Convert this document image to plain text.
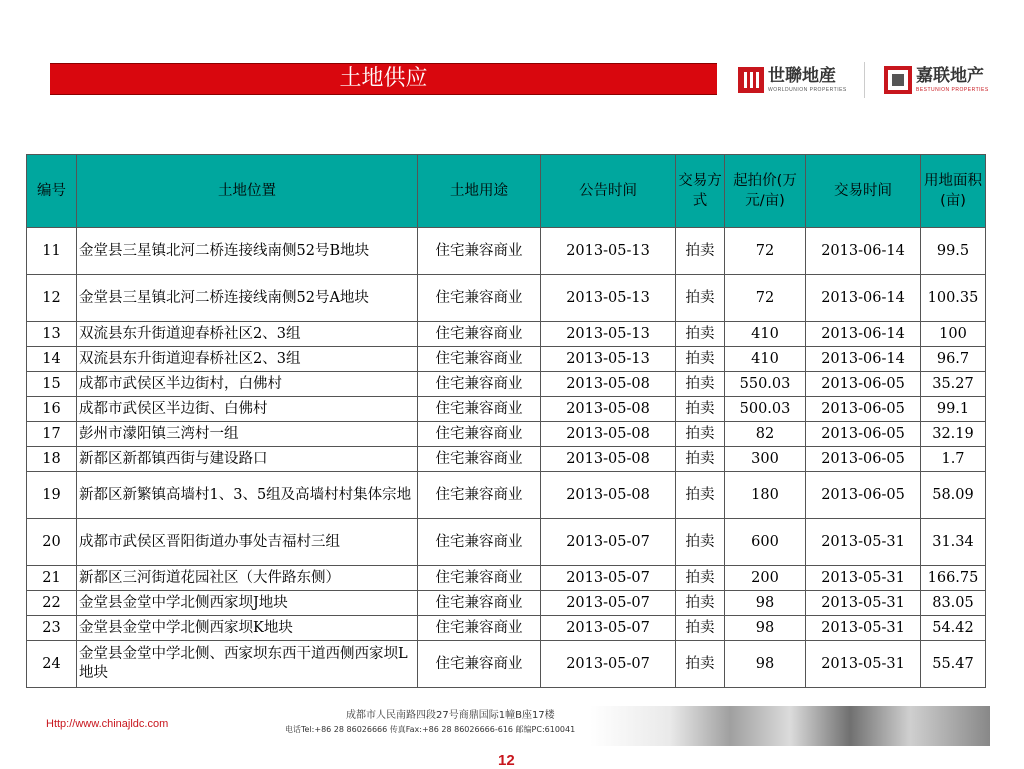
土地供应	世聯地産
WORLDUNION PROPERTIES
嘉联地产
BESTUNION PROPERTIES
编号	土地位置	土地用途	公告时间	交易方式	起拍价(万元/亩)	交易时间	用地面积(亩)
11	金堂县三星镇北河二桥连接线南侧52号B地块	住宅兼容商业	2013-05-13	拍卖	72	2013-06-14	99.5
12	金堂县三星镇北河二桥连接线南侧52号A地块	住宅兼容商业	2013-05-13	拍卖	72	2013-06-14	100.35
13	双流县东升街道迎春桥社区2、3组	住宅兼容商业	2013-05-13	拍卖	410	2013-06-14	100
14	双流县东升街道迎春桥社区2、3组	住宅兼容商业	2013-05-13	拍卖	410	2013-06-14	96.7
15	成都市武侯区半边街村，白佛村	住宅兼容商业	2013-05-08	拍卖	550.03	2013-06-05	35.27
16	成都市武侯区半边街、白佛村	住宅兼容商业	2013-05-08	拍卖	500.03	2013-06-05	99.1
17	彭州市濛阳镇三湾村一组	住宅兼容商业	2013-05-08	拍卖	82	2013-06-05	32.19
18	新都区新都镇西街与建设路口	住宅兼容商业	2013-05-08	拍卖	300	2013-06-05	1.7
19	新都区新繁镇高墙村1、3、5组及高墙村村集体宗地	住宅兼容商业	2013-05-08	拍卖	180	2013-06-05	58.09
20	成都市武侯区晋阳街道办事处吉福村三组	住宅兼容商业	2013-05-07	拍卖	600	2013-05-31	31.34
21	新都区三河街道花园社区（大件路东侧）	住宅兼容商业	2013-05-07	拍卖	200	2013-05-31	166.75
22	金堂县金堂中学北侧西家坝J地块	住宅兼容商业	2013-05-07	拍卖	98	2013-05-31	83.05
23	金堂县金堂中学北侧西家坝K地块	住宅兼容商业	2013-05-07	拍卖	98	2013-05-31	54.42
24	金堂县金堂中学北侧、西家坝东西干道西侧西家坝L地块	住宅兼容商业	2013-05-07	拍卖	98	2013-05-31	55.47
Http://www.chinajldc.com
成都市人民南路四段27号商鼎国际1幢B座17楼
电话Tel:+86 28 86026666 传真Fax:+86 28 86026666-616 邮编PC:610041
12
